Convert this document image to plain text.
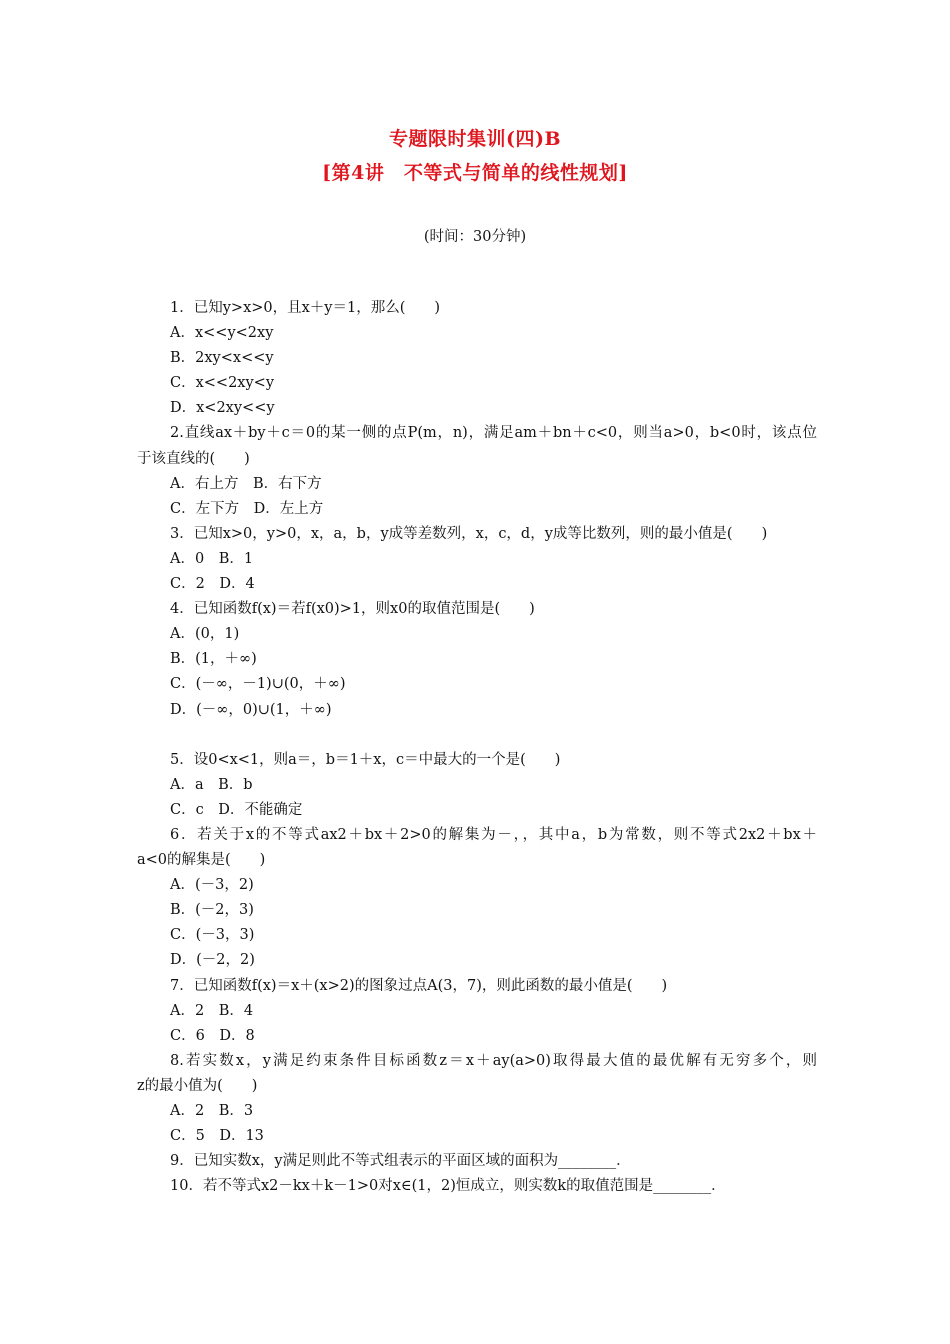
专题限时集训(四)B
[第4讲　不等式与简单的线性规划]
(时间：30分钟)
1．已知y>x>0，且x＋y＝1，那么(　　)
A．x<<y<2xy
B．2xy<x<<y
C．x<<2xy<y
D．x<2xy<<y
2.直线ax＋by＋c＝0的某一侧的点P(m，n)，满足am＋bn＋c<0，则当a>0，b<0时，该点位
于该直线的(　　)
A．右上方　B．右下方
C．左下方　D．左上方
3．已知x>0，y>0，x，a，b，y成等差数列，x，c，d，y成等比数列，则的最小值是(　　)
A．0　B．1
C．2　D．4
4．已知函数f(x)＝若f(x0)>1，则x0的取值范围是(　　)
A．(0，1)
B．(1，＋∞)
C．(－∞，－1)∪(0，＋∞)
D．(－∞，0)∪(1，＋∞)
5．设0<x<1，则a＝，b＝1＋x，c＝中最大的一个是(　　)
A．a　B．b
C．c　D．不能确定
6．若关于x的不等式ax2＋bx＋2>0的解集为－，，其中a，b为常数，则不等式2x2＋bx＋
a<0的解集是(　　)
A．(－3，2)
B．(－2，3)
C．(－3，3)
D．(－2，2)
7．已知函数f(x)＝x＋(x>2)的图象过点A(3，7)，则此函数的最小值是(　　)
A．2　B．4
C．6　D．8
8.若实数x，y满足约束条件目标函数z＝x＋ay(a>0)取得最大值的最优解有无穷多个，则
z的最小值为(　　)
A．2　B．3
C．5　D．13
9．已知实数x，y满足则此不等式组表示的平面区域的面积为________．
10．若不等式x2－kx＋k－1>0对x∈(1，2)恒成立，则实数k的取值范围是________．
